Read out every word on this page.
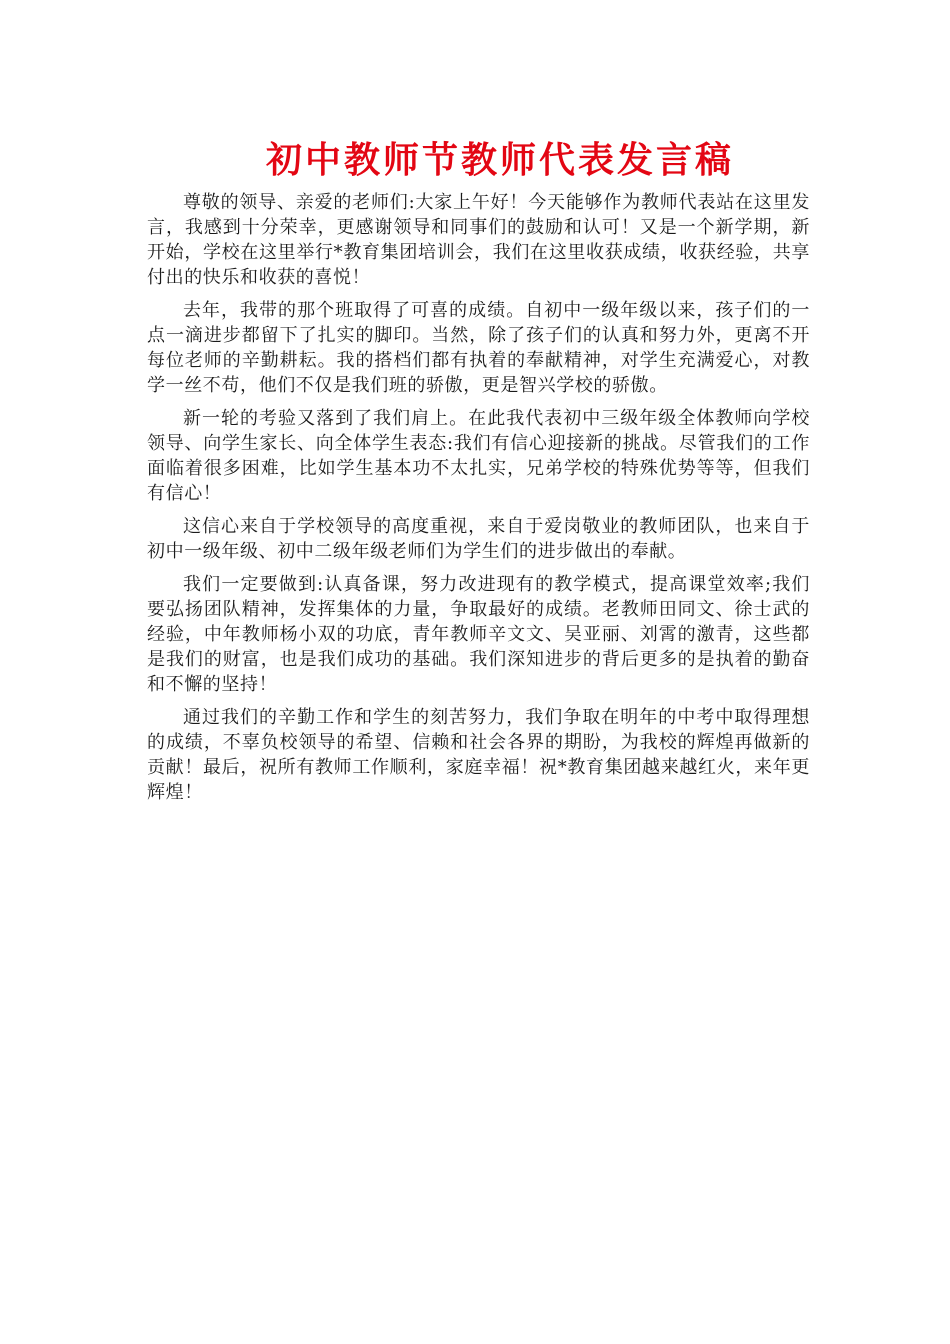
初中教师节教师代表发言稿

尊敬的领导、亲爱的老师们:大家上午好！今天能够作为教师代表站在这里发言，我感到十分荣幸，更感谢领导和同事们的鼓励和认可！又是一个新学期，新开始，学校在这里举行*教育集团培训会，我们在这里收获成绩，收获经验，共享付出的快乐和收获的喜悦！

去年，我带的那个班取得了可喜的成绩。自初中一级年级以来，孩子们的一点一滴进步都留下了扎实的脚印。当然，除了孩子们的认真和努力外，更离不开每位老师的辛勤耕耘。我的搭档们都有执着的奉献精神，对学生充满爱心，对教学一丝不苟，他们不仅是我们班的骄傲，更是智兴学校的骄傲。

新一轮的考验又落到了我们肩上。在此我代表初中三级年级全体教师向学校领导、向学生家长、向全体学生表态:我们有信心迎接新的挑战。尽管我们的工作面临着很多困难，比如学生基本功不太扎实，兄弟学校的特殊优势等等，但我们有信心！

这信心来自于学校领导的高度重视，来自于爱岗敬业的教师团队，也来自于初中一级年级、初中二级年级老师们为学生们的进步做出的奉献。

我们一定要做到:认真备课，努力改进现有的教学模式，提高课堂效率;我们要弘扬团队精神，发挥集体的力量，争取最好的成绩。老教师田同文、徐士武的经验，中年教师杨小双的功底，青年教师辛文文、吴亚丽、刘霄的激青，这些都是我们的财富，也是我们成功的基础。我们深知进步的背后更多的是执着的勤奋和不懈的坚持！

通过我们的辛勤工作和学生的刻苦努力，我们争取在明年的中考中取得理想的成绩，不辜负校领导的希望、信赖和社会各界的期盼，为我校的辉煌再做新的贡献！最后，祝所有教师工作顺利，家庭幸福！祝*教育集团越来越红火，来年更辉煌！
